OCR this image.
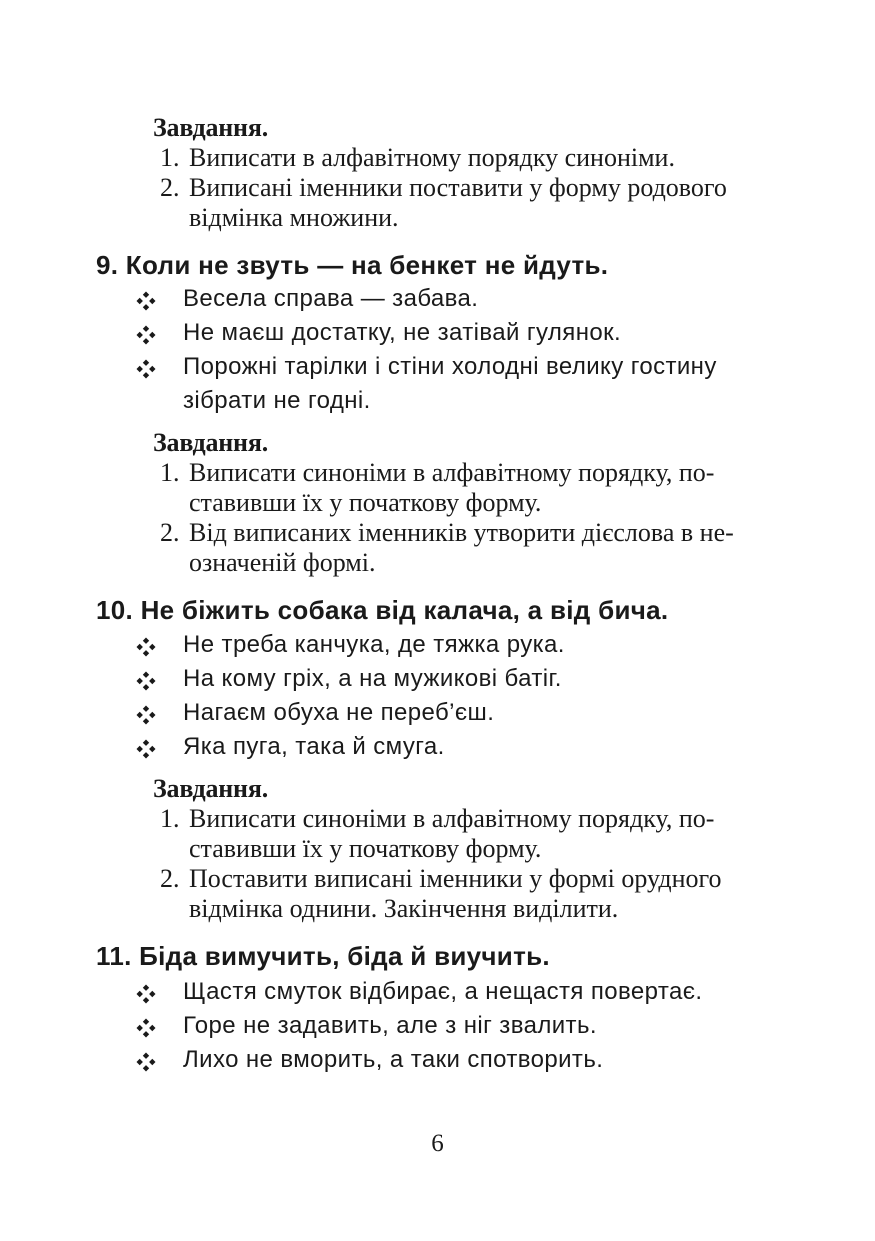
Завдання.

1. Виписати в алфавітному порядку синоніми.
2. Виписані іменники поставити у форму родового
відмінка множини.
9. Коли не звуть — на бенкет не йдуть.
Весела справа — забава.
Не маєш достатку, не затівай гулянок.
Порожні тарілки і стіни холодні велику гостину
зібрати не годні.

Завдання.

1. Виписати синоніми в алфавітному порядку, по-
ставивши їх у початкову форму.
2. Від виписаних іменників утворити дієслова в не-
означеній формі.
10. Не біжить собака від калача, а від бича.
Не треба канчука, де тяжка рука.
На кому гріх, а на мужикові батіг.
Нагаєм обуха не переб’єш.
Яка пуга, така й смуга.

Завдання.

1. Виписати синоніми в алфавітному порядку, по-
ставивши їх у початкову форму.
2. Поставити виписані іменники у формі орудного
відмінка однини. Закінчення виділити.
11. Біда вимучить, біда й виучить.
Щастя смуток відбирає, а нещастя повертає.
Горе не задавить, але з ніг звалить.
Лихо не вморить, а таки спотворить.
6
